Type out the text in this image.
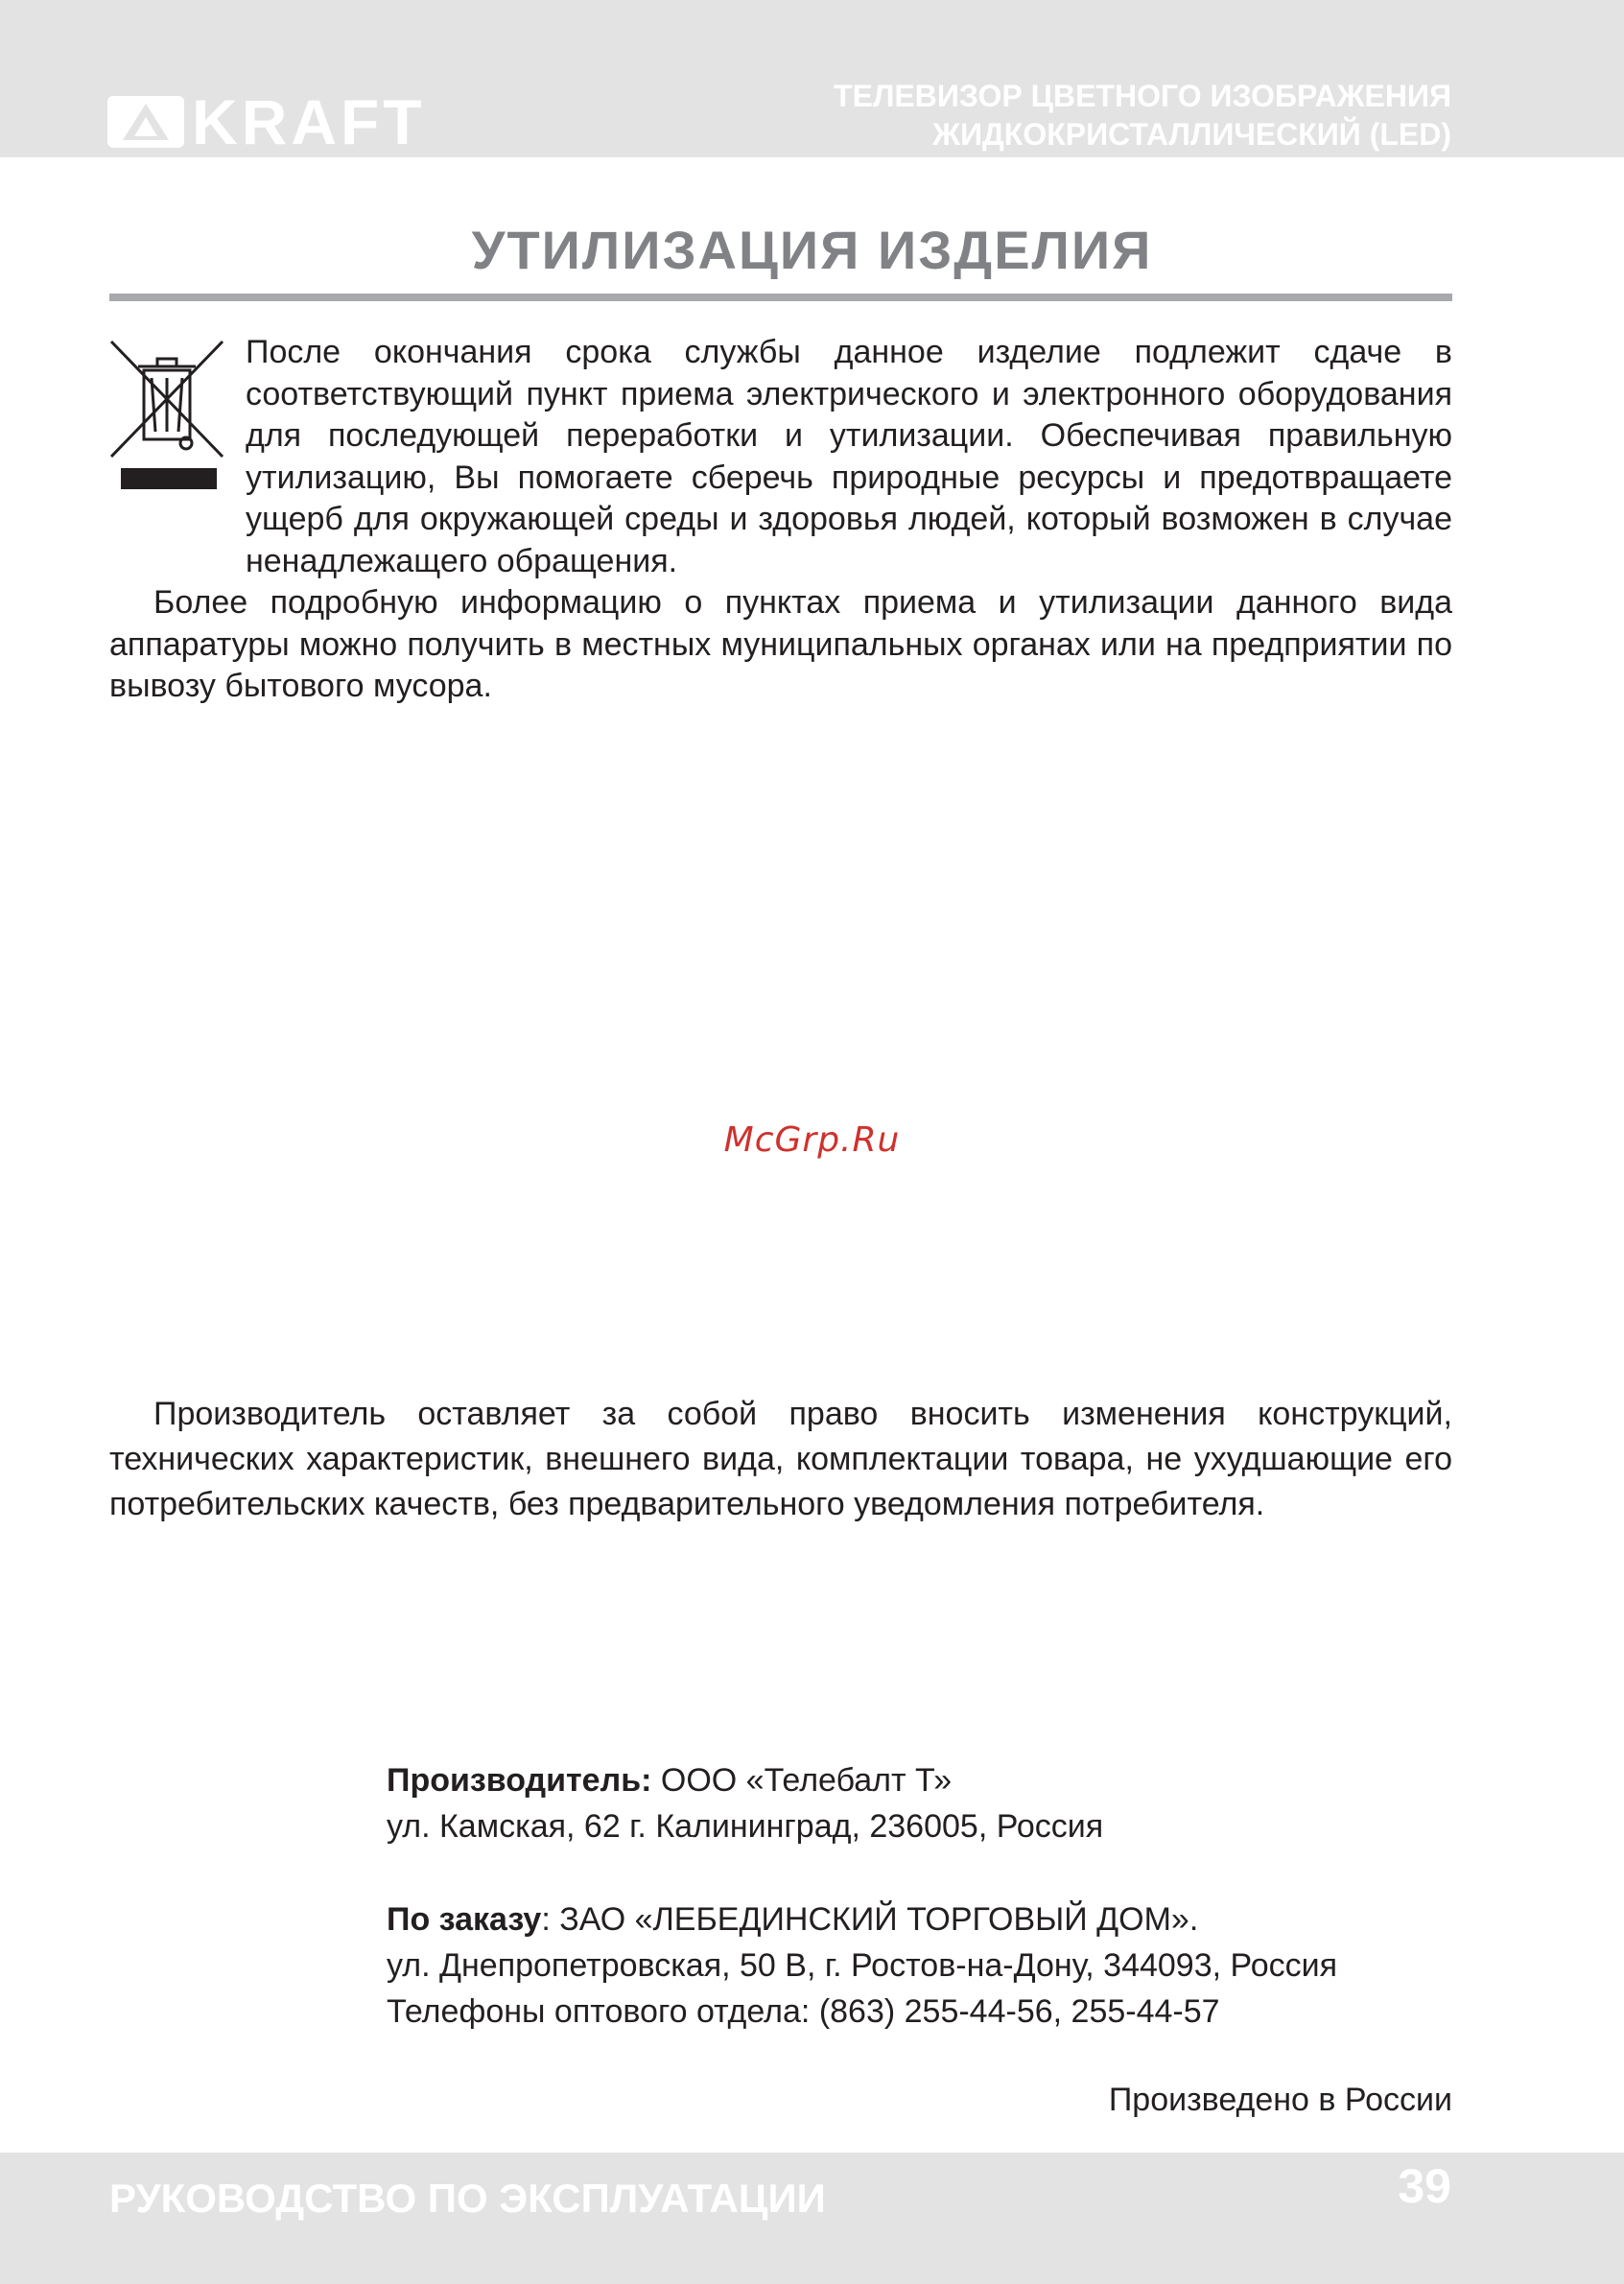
KRAFT	ТЕЛЕВИЗОР ЦВЕТНОГО ИЗОБРАЖЕНИЯ
ЖИДКОКРИСТАЛЛИЧЕСКИЙ (LED)
УТИЛИЗАЦИЯ ИЗДЕЛИЯ
После окончания срока службы данное изделие подлежит сдаче в соответствующий пункт приема электрического и электронного оборудования для последующей переработки и утилизации. Обеспечивая правильную утилизацию, Вы помогаете сберечь природные ресурсы и предотвращаете ущерб для окружающей среды и здоровья людей, который возможен в случае ненадлежащего обращения.
Более подробную информацию о пунктах приема и утилизации данного вида аппаратуры можно получить в местных муниципальных органах или на предприятии по вывозу бытового мусора.
McGrp.Ru
Производитель оставляет за собой право вносить изменения конструкций, технических характеристик, внешнего вида, комплектации товара, не ухудшающие его потребительских качеств, без предварительного уведомления потребителя.
Производитель: ООО «Телебалт Т»
ул. Камская, 62 г. Калининград, 236005, Россия
По заказу: ЗАО «ЛЕБЕДИНСКИЙ ТОРГОВЫЙ ДОМ».
ул. Днепропетровская, 50 В, г. Ростов-на-Дону, 344093, Россия
Телефоны оптового отдела: (863) 255-44-56, 255-44-57
Произведено в России
РУКОВОДСТВО ПО ЭКСПЛУАТАЦИИ	39
